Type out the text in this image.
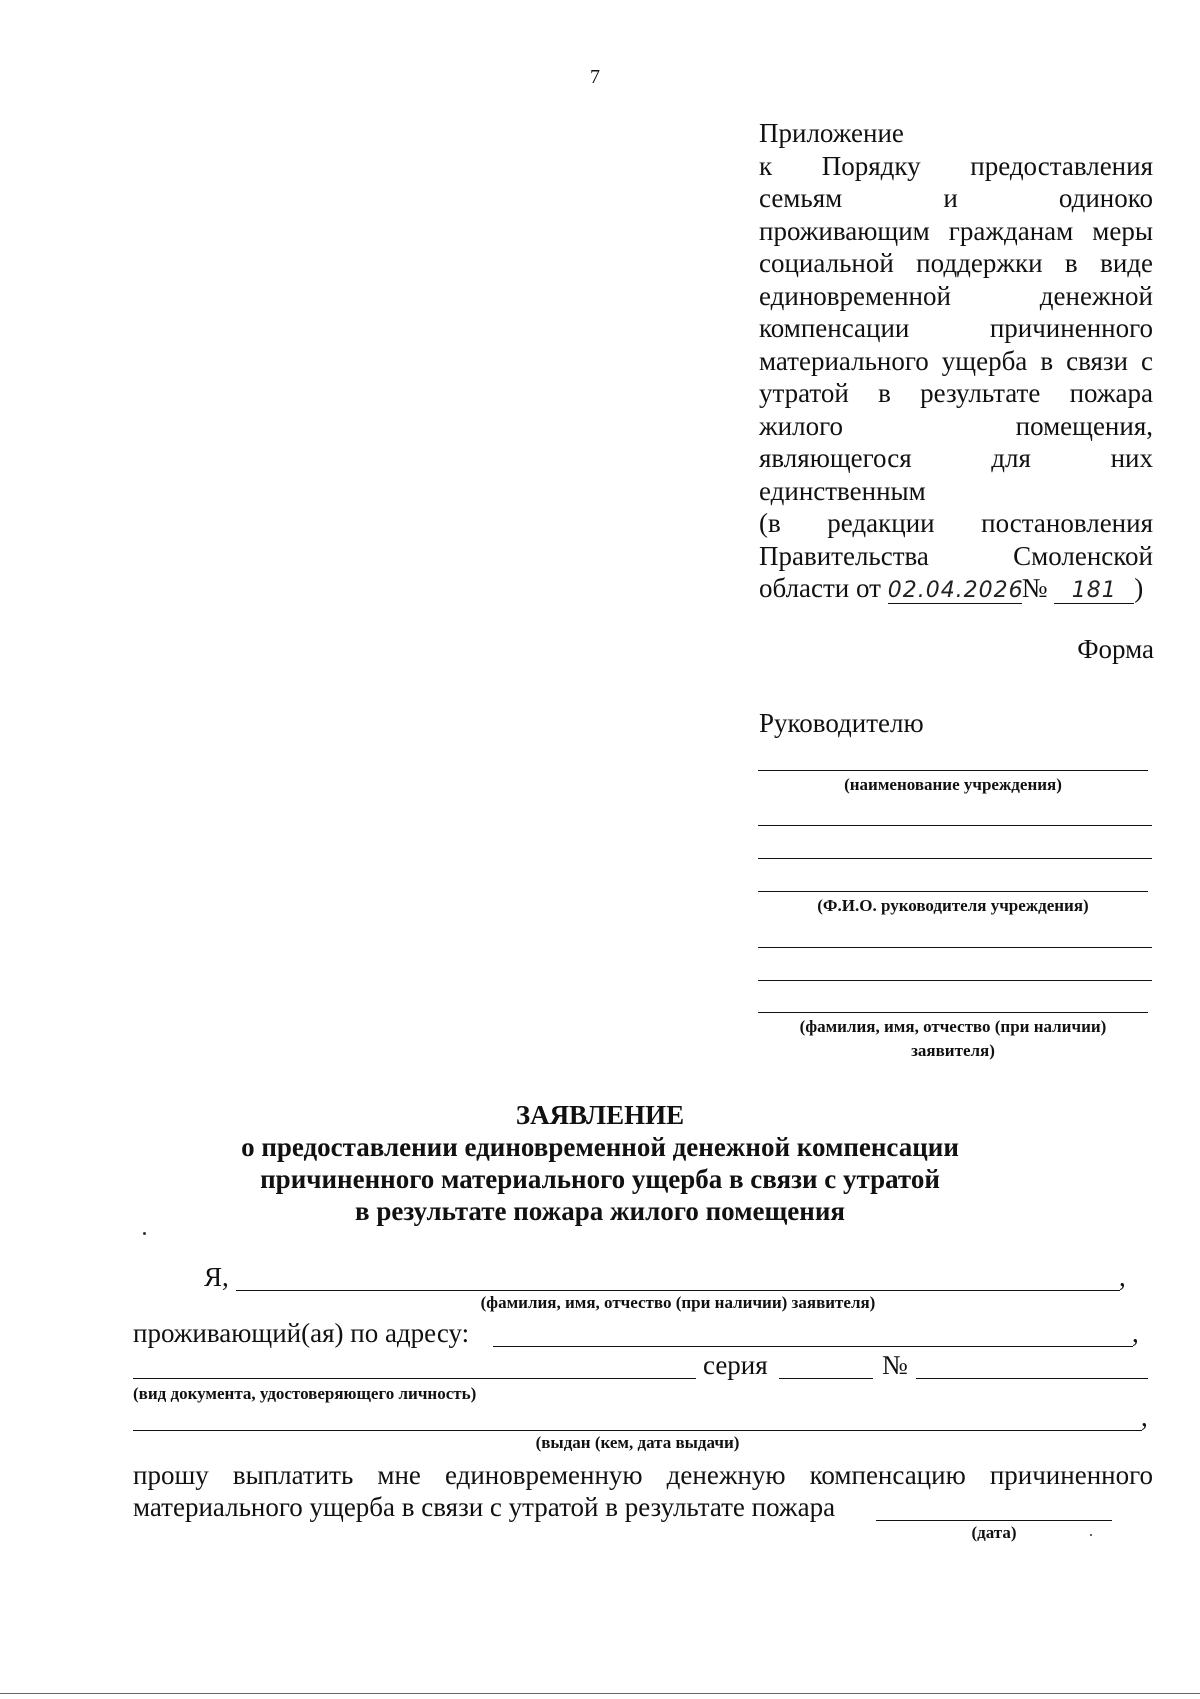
7
Приложение
к Порядку предоставления
семьям и одиноко
проживающим гражданам меры
социальной поддержки в виде
единовременной денежной
компенсации причиненного
материального ущерба в связи с
утратой в результате пожара
жилого помещения,
являющегося для них
единственным
(в редакции постановления
Правительства Смоленской
области от 02.04.2026№ 181 )
Форма
Руководителю
(наименование учреждения)
(Ф.И.О. руководителя учреждения)
(фамилия, имя, отчество (при наличии)
заявителя)
ЗАЯВЛЕНИЕ
о предоставлении единовременной денежной компенсации
причиненного материального ущерба в связи с утратой
в результате пожара жилого помещения
Я,	,
(фамилия, имя, отчество (при наличии) заявителя)
проживающий(ая) по адресу:	,
серия	№
(вид документа, удостоверяющего личность)
,
(выдан (кем, дата выдачи)
прошу выплатить мне единовременную денежную компенсацию причиненного
материального ущерба в связи с утратой в результате пожара
(дата)
